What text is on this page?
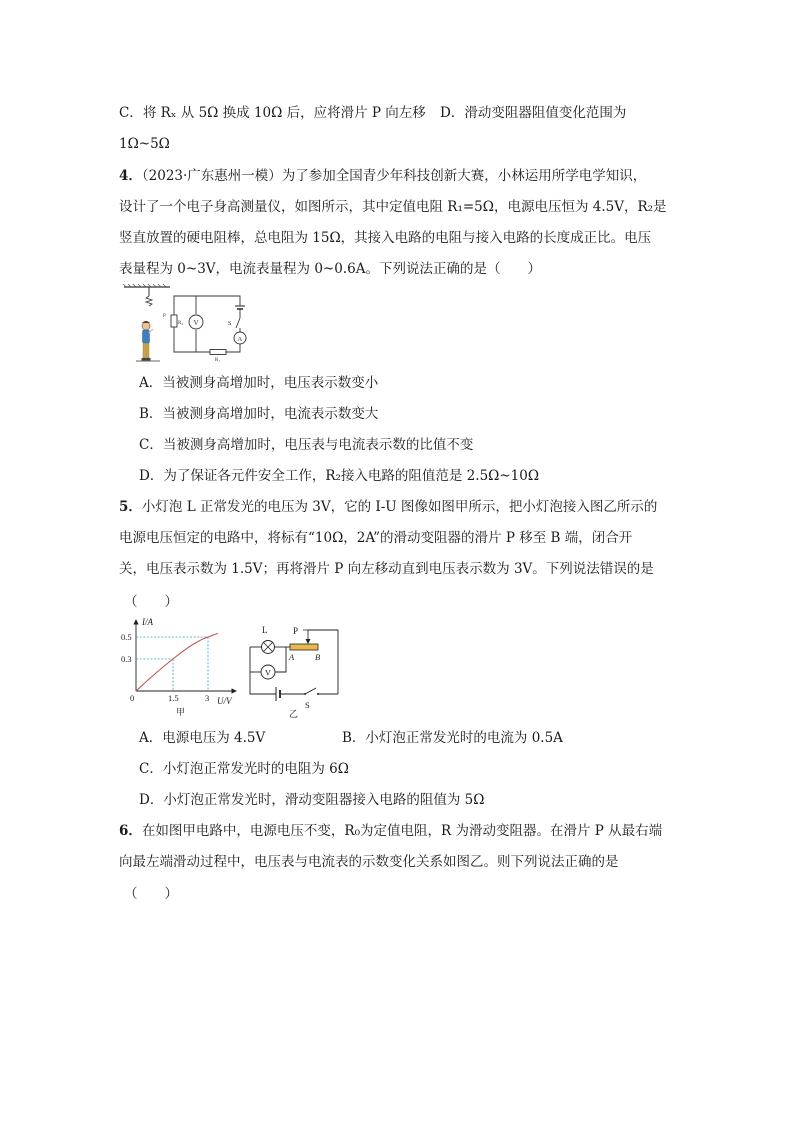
C．将 Rₓ 从 5Ω 换成 10Ω 后，应将滑片 P 向左移 D．滑动变阻器阻值变化范围为
1Ω~5Ω
4．（2023·广东惠州一模）为了参加全国青少年科技创新大赛，小林运用所学电学知识，
设计了一个电子身高测量仪，如图所示，其中定值电阻 R₁=5Ω，电源电压恒为 4.5V，R₂是
竖直放置的硬电阻棒，总电阻为 15Ω，其接入电路的电阻与接入电路的长度成正比。电压
表量程为 0~3V，电流表量程为 0~0.6A。下列说法正确的是（　　）
R₂
P
V	S
A
R₁
A．当被测身高增加时，电压表示数变小
B．当被测身高增加时，电流表示数变大
C．当被测身高增加时，电压表与电流表示数的比值不变
D．为了保证各元件安全工作，R₂接入电路的阻值范是 2.5Ω~10Ω
5．小灯泡 L 正常发光的电压为 3V，它的 I-U 图像如图甲所示，把小灯泡接入图乙所示的
电源电压恒定的电路中，将标有“10Ω，2A”的滑动变阻器的滑片 P 移至 B 端，闭合开
关，电压表示数为 1.5V；再将滑片 P 向左移动直到电压表示数为 3V。下列说法错误的是
（　　）
I/A
U/V
0
0.5
0.3
1.5	3
甲
L
V
P
A B
S
乙
A．电源电压为 4.5V	B．小灯泡正常发光时的电流为 0.5A
C．小灯泡正常发光时的电阻为 6Ω
D．小灯泡正常发光时，滑动变阻器接入电路的阻值为 5Ω
6．在如图甲电路中，电源电压不变，R₀为定值电阻，R 为滑动变阻器。在滑片 P 从最右端
向最左端滑动过程中，电压表与电流表的示数变化关系如图乙。则下列说法正确的是
（　　）
